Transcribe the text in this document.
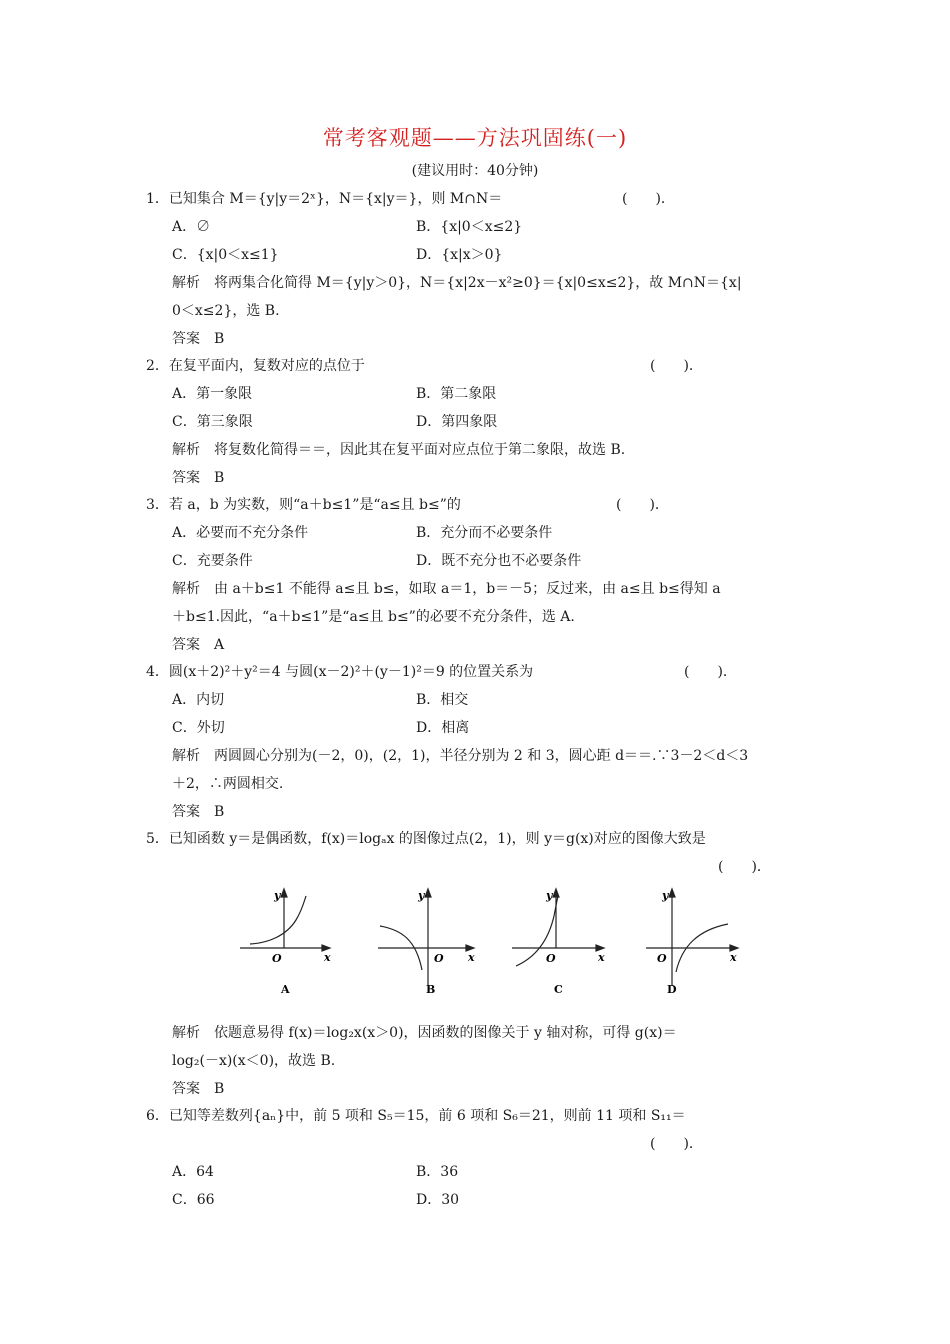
常考客观题——方法巩固练(一)
(建议用时：40分钟)
1．已知集合 M＝{y|y＝2ˣ}，N＝{x|y＝}，则 M∩N＝	(　　)．
A．∅	B．{x|0＜x≤2}
C．{x|0＜x≤1}	D．{x|x＞0}
解析　将两集合化简得 M＝{y|y＞0}，N＝{x|2x－x²≥0}＝{x|0≤x≤2}，故 M∩N＝{x|
0＜x≤2}，选 B.
答案　B
2．在复平面内，复数对应的点位于	(　　)．
A．第一象限	B．第二象限
C．第三象限	D．第四象限
解析　将复数化简得＝＝，因此其在复平面对应点位于第二象限，故选 B.
答案　B
3．若 a，b 为实数，则“a＋b≤1”是“a≤且 b≤”的	(　　)．
A．必要而不充分条件	B．充分而不必要条件
C．充要条件	D．既不充分也不必要条件
解析　由 a＋b≤1 不能得 a≤且 b≤，如取 a＝1，b＝－5；反过来，由 a≤且 b≤得知 a
＋b≤1.因此，“a＋b≤1”是“a≤且 b≤”的必要不充分条件，选 A.
答案　A
4．圆(x＋2)²＋y²＝4 与圆(x－2)²＋(y－1)²＝9 的位置关系为	(　　)．
A．内切	B．相交
C．外切	D．相离
解析　两圆圆心分别为(－2，0)，(2，1)，半径分别为 2 和 3，圆心距 d＝＝.∵3－2＜d＜3
＋2，∴两圆相交.
答案　B
5．已知函数 y＝是偶函数，f(x)＝logₐx 的图像过点(2，1)，则 y＝g(x)对应的图像大致是
(　　)．
y
x
O
A
y
x
O
B
y
x
O
C
y
x
O
D
解析　依题意易得 f(x)＝log₂x(x＞0)，因函数的图像关于 y 轴对称，可得 g(x)＝
log₂(－x)(x＜0)，故选 B.
答案　B
6．已知等差数列{aₙ}中，前 5 项和 S₅＝15，前 6 项和 S₆＝21，则前 11 项和 S₁₁＝
(　　)．
A．64	B．36
C．66	D．30
